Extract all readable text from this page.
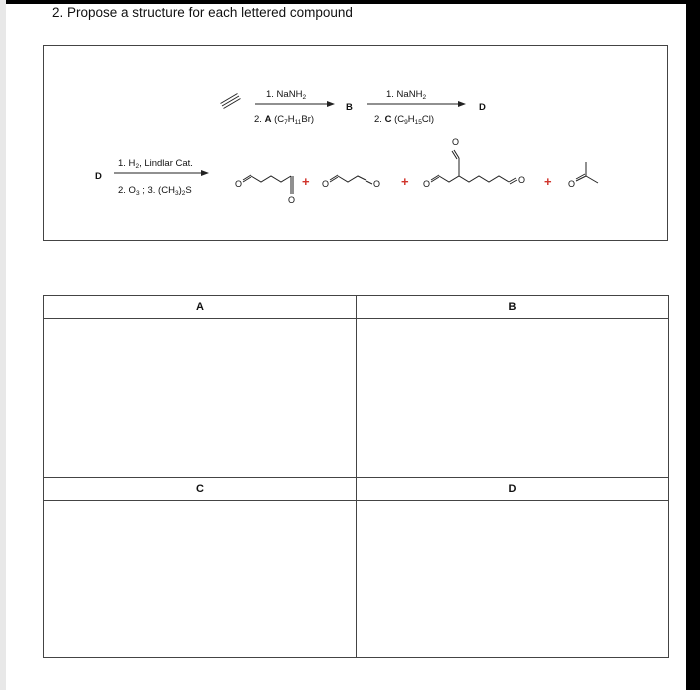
2. Propose a structure for each lettered compound
1. NaNH$_2$
2. A $(C_7H_{11}Br)$
B
1. NaNH$_2$
2. C $(C_9H_{15}Cl)$
D
D
1. $H_2$, Lindlar Cat.
2. $O_3$ ; 3. $(CH_3)_2S$
O
O
+ O	O + O	O
O
+ O
A	B
C	D
